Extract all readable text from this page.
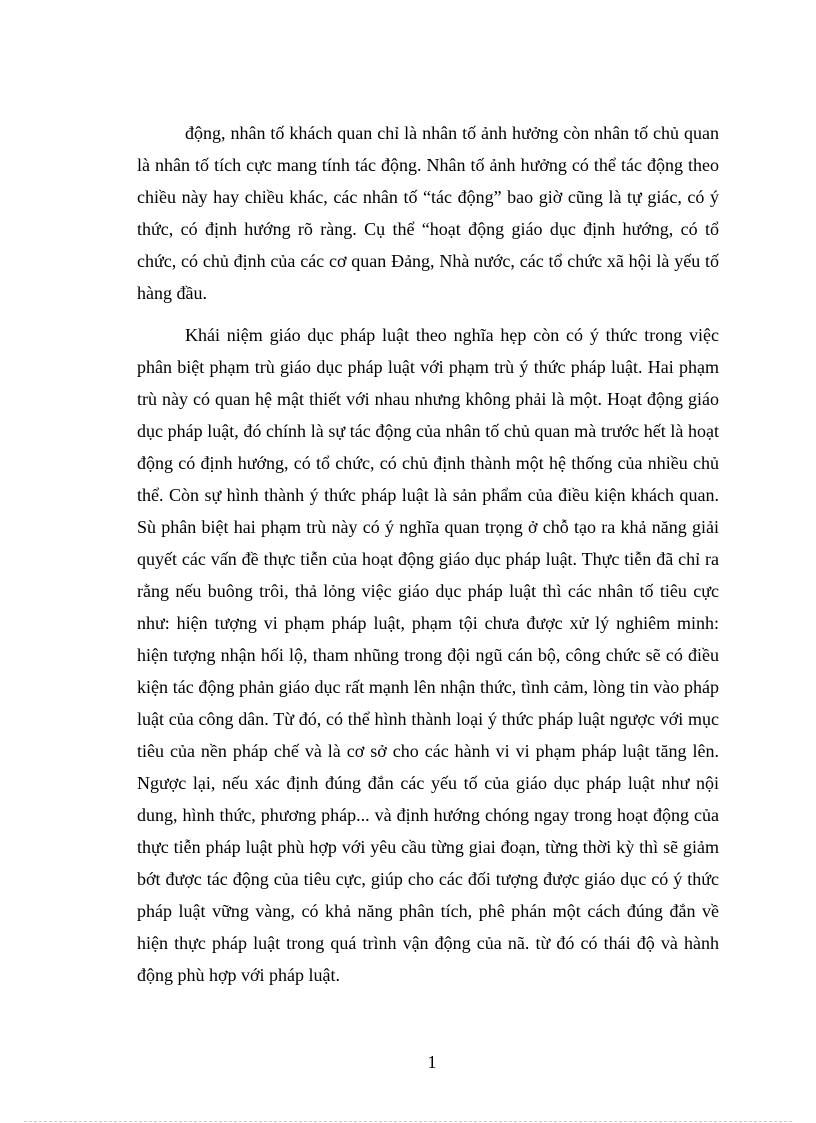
động, nhân tố khách quan chỉ là nhân tố ảnh hưởng còn nhân tố chủ quan là nhân tố tích cực mang tính tác động. Nhân tố ảnh hưởng có thể tác động theo chiều này hay chiều khác, các nhân tố “tác động” bao giờ cũng là tự giác, có ý thức, có định hướng rõ ràng. Cụ thể “hoạt động giáo dục định hướng, có tổ chức, có chủ định của các cơ quan Đảng, Nhà nước, các tổ chức xã hội là yếu tố hàng đầu.

Khái niệm giáo dục pháp luật theo nghĩa hẹp còn có ý thức trong việc phân biệt phạm trù giáo dục pháp luật với phạm trù ý thức pháp luật. Hai phạm trù này có quan hệ mật thiết với nhau nhưng không phải là một. Hoạt động giáo dục pháp luật, đó chính là sự tác động của nhân tố chủ quan mà trước hết là hoạt động có định hướng, có tổ chức, có chủ định thành một hệ thống của nhiều chủ thể. Còn sự hình thành ý thức pháp luật là sản phẩm của điều kiện khách quan. Sù phân biệt hai phạm trù này có ý nghĩa quan trọng ở chỗ tạo ra khả năng giải quyết các vấn đề thực tiễn của hoạt động giáo dục pháp luật. Thực tiễn đã chỉ ra rằng nếu buông trôi, thả lỏng việc giáo dục pháp luật thì các nhân tố tiêu cực như: hiện tượng vi phạm pháp luật, phạm tội chưa được xử lý nghiêm minh: hiện tượng nhận hối lộ, tham nhũng trong đội ngũ cán bộ, công chức sẽ có điều kiện tác động phản giáo dục rất mạnh lên nhận thức, tình cảm, lòng tin vào pháp luật của công dân. Từ đó, có thể hình thành loại ý thức pháp luật ngược với mục tiêu của nền pháp chế và là cơ sở cho các hành vi vi phạm pháp luật tăng lên. Ngược lại, nếu xác định đúng đắn các yếu tố của giáo dục pháp luật như nội dung, hình thức, phương pháp... và định hướng chóng ngay trong hoạt động của thực tiễn pháp luật phù hợp với yêu cầu từng giai đoạn, từng thời kỳ thì sẽ giảm bớt được tác động của tiêu cực, giúp cho các đối tượng được giáo dục có ý thức pháp luật vững vàng, có khả năng phân tích, phê phán một cách đúng đắn về hiện thực pháp luật trong quá trình vận động của nã. từ đó có thái độ và hành động phù hợp với pháp luật.

1
